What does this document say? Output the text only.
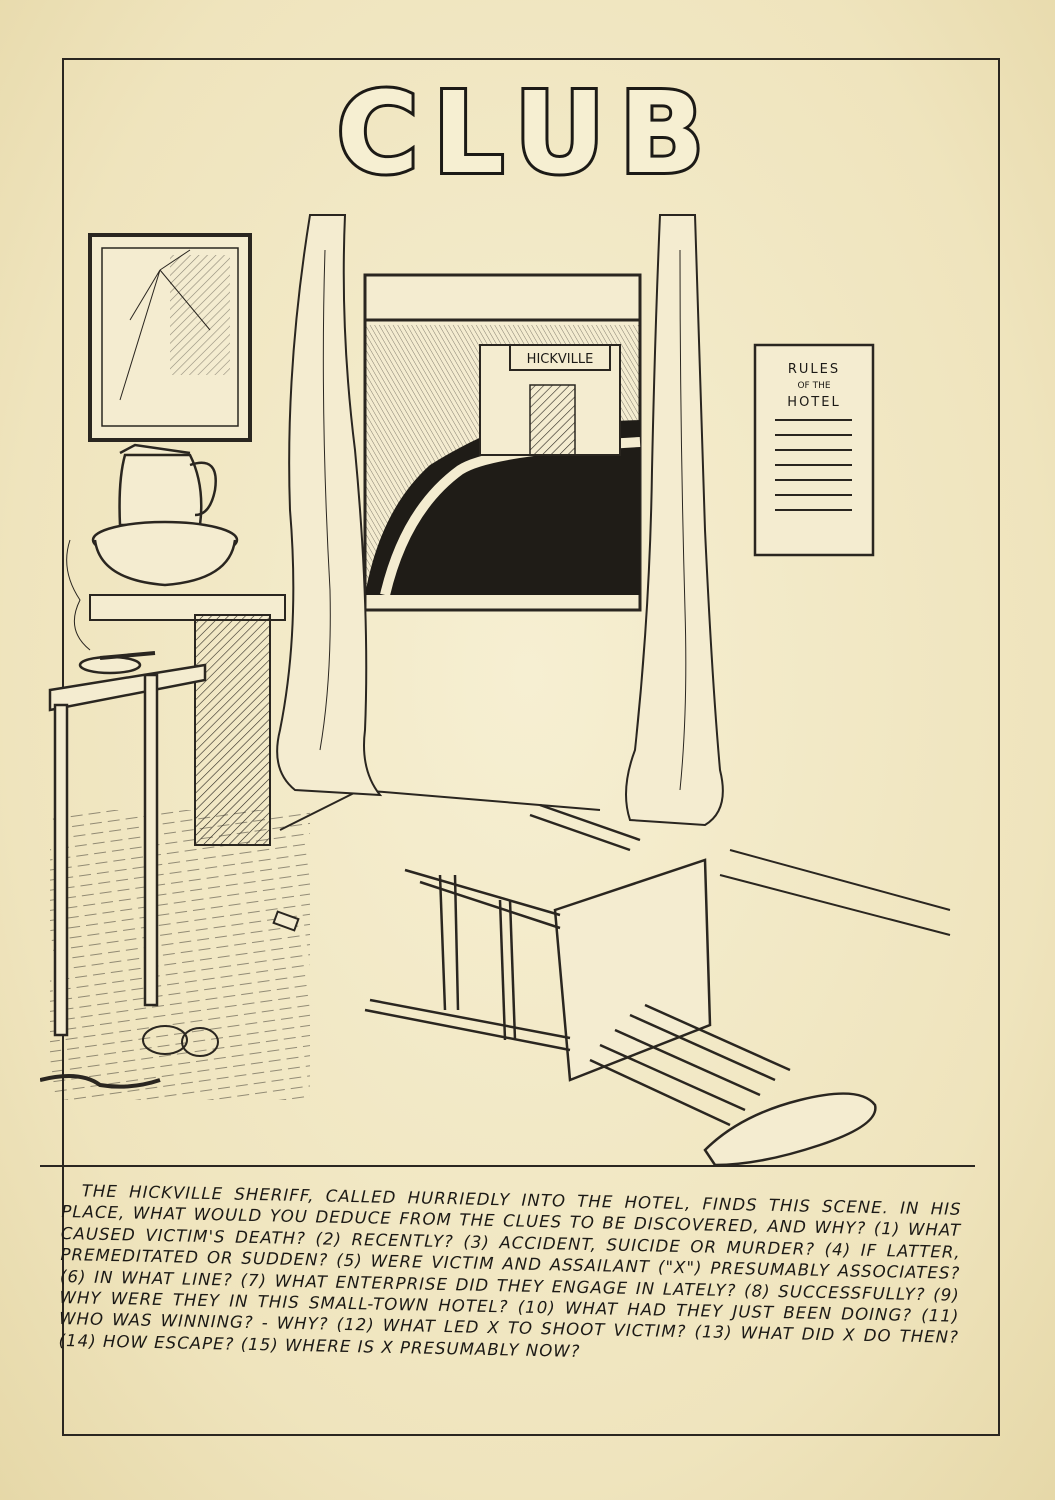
CLUB
HICKVILLE
RULES
OF THE
HOTEL

THE HICKVILLE SHERIFF, CALLED HURRIEDLY INTO THE HOTEL, FINDS THIS SCENE. IN HIS PLACE, WHAT WOULD YOU DEDUCE FROM THE CLUES TO BE DISCOVERED, AND WHY? (1) WHAT CAUSED VICTIM'S DEATH? (2) RECENTLY? (3) ACCIDENT, SUICIDE OR MURDER? (4) IF LATTER, PREMEDITATED OR SUDDEN? (5) WERE VICTIM AND ASSAILANT ("X") PRESUMABLY ASSOCIATES? (6) IN WHAT LINE? (7) WHAT ENTERPRISE DID THEY ENGAGE IN LATELY? (8) SUCCESSFULLY? (9) WHY WERE THEY IN THIS SMALL-TOWN HOTEL? (10) WHAT HAD THEY JUST BEEN DOING? (11) WHO WAS WINNING? - WHY? (12) WHAT LED X TO SHOOT VICTIM? (13) WHAT DID X DO THEN? (14) HOW ESCAPE? (15) WHERE IS X PRESUMABLY NOW?
